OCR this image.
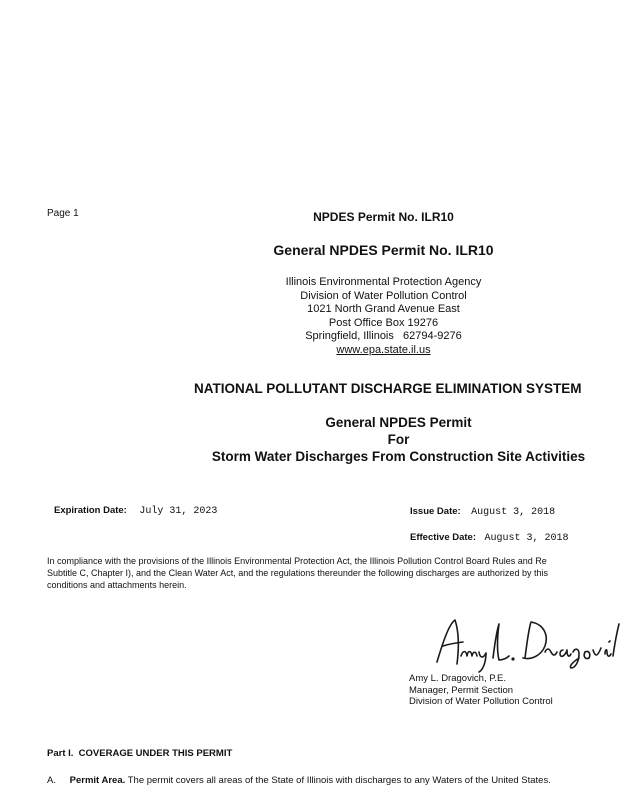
Page 1	NPDES Permit No. ILR10
General NPDES Permit No. ILR10
Illinois Environmental Protection Agency
Division of Water Pollution Control
1021 North Grand Avenue East
Post Office Box 19276
Springfield, Illinois   62794-9276
www.epa.state.il.us
NATIONAL POLLUTANT DISCHARGE ELIMINATION SYSTEM
General NPDES Permit
For
Storm Water Discharges From Construction Site Activities
Expiration Date: July 31, 2023	Issue Date: August 3, 2018
Effective Date: August 3, 2018
In compliance with the provisions of the Illinois Environmental Protection Act, the Illinois Pollution Control Board Rules and Re
Subtitle C, Chapter I), and the Clean Water Act, and the regulations thereunder the following discharges are authorized by this
conditions and attachments herein.
Amy L. Dragovich, P.E.
Manager, Permit Section
Division of Water Pollution Control
Part I.  COVERAGE UNDER THIS PERMIT
A. Permit Area. The permit covers all areas of the State of Illinois with discharges to any Waters of the United States.
